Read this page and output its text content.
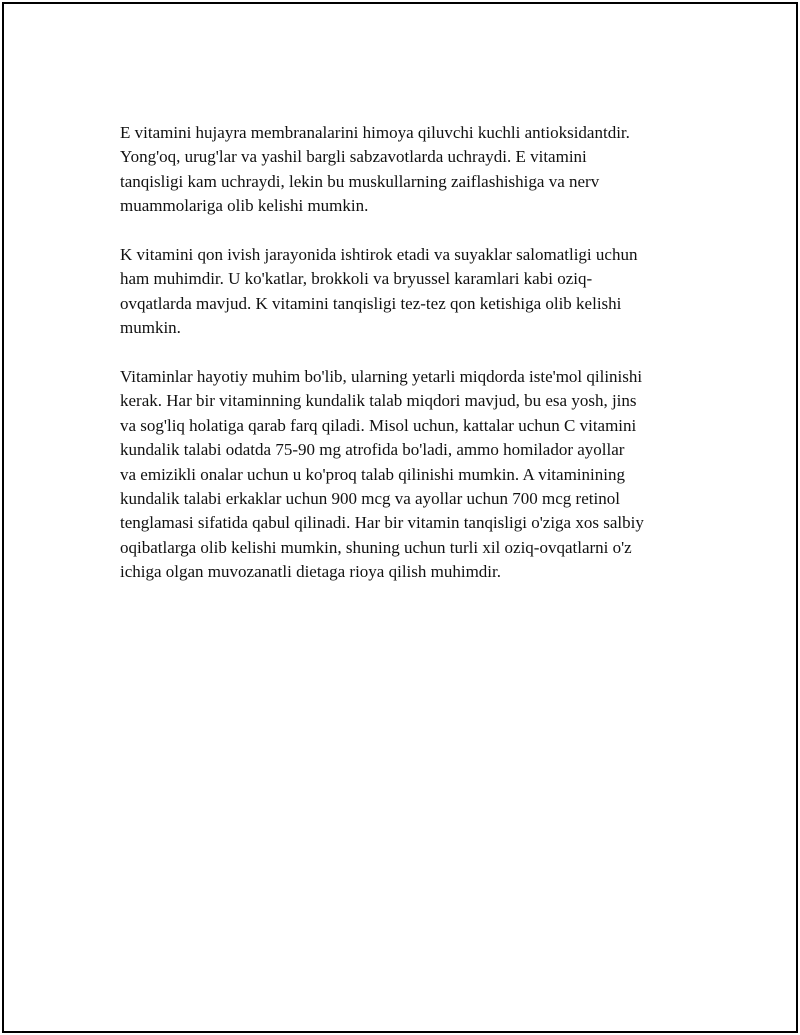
E vitamini hujayra membranalarini himoya qiluvchi kuchli antioksidantdir.
Yong'oq, urug'lar va yashil bargli sabzavotlarda uchraydi. E vitamini
tanqisligi kam uchraydi, lekin bu muskullarning zaiflashishiga va nerv
muammolariga olib kelishi mumkin.

K vitamini qon ivish jarayonida ishtirok etadi va suyaklar salomatligi uchun
ham muhimdir. U ko'katlar, brokkoli va bryussel karamlari kabi oziq-
ovqatlarda mavjud. K vitamini tanqisligi tez-tez qon ketishiga olib kelishi
mumkin.

Vitaminlar hayotiy muhim bo'lib, ularning yetarli miqdorda iste'mol qilinishi
kerak. Har bir vitaminning kundalik talab miqdori mavjud, bu esa yosh, jins
va sog'liq holatiga qarab farq qiladi. Misol uchun, kattalar uchun C vitamini
kundalik talabi odatda 75-90 mg atrofida bo'ladi, ammo homilador ayollar
va emizikli onalar uchun u ko'proq talab qilinishi mumkin. A vitaminining
kundalik talabi erkaklar uchun 900 mcg va ayollar uchun 700 mcg retinol
tenglamasi sifatida qabul qilinadi. Har bir vitamin tanqisligi o'ziga xos salbiy
oqibatlarga olib kelishi mumkin, shuning uchun turli xil oziq-ovqatlarni o'z
ichiga olgan muvozanatli dietaga rioya qilish muhimdir.
